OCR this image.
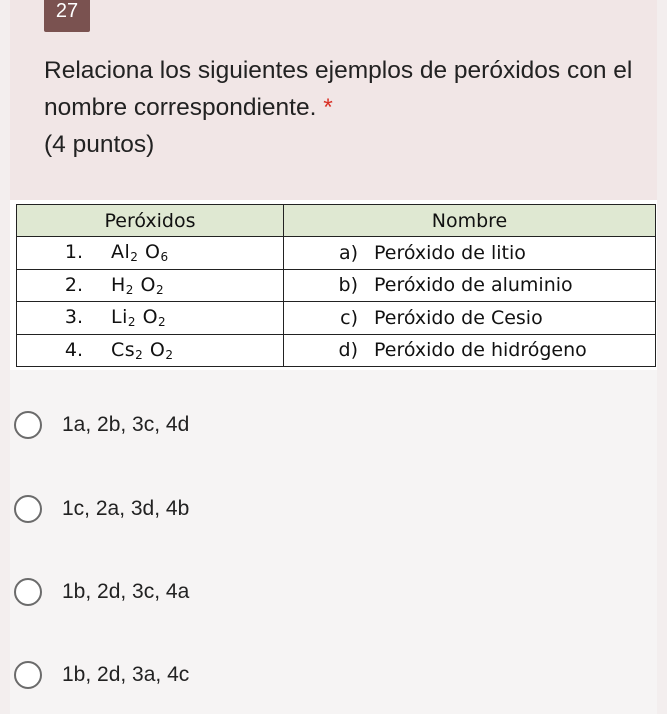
27
Relaciona los siguientes ejemplos de peróxidos con el nombre correspondiente. *
(4 puntos)
Peróxidos	Nombre
1. $Al_2$ $O_6$	a) Peróxido de litio
2. $H_2$ $O_2$	b) Peróxido de aluminio
3. $Li_2$ $O_2$	c) Peróxido de Cesio
4. $Cs_2$ $O_2$	d) Peróxido de hidrógeno
1a, 2b, 3c, 4d
1c, 2a, 3d, 4b
1b, 2d, 3c, 4a
1b, 2d, 3a, 4c
